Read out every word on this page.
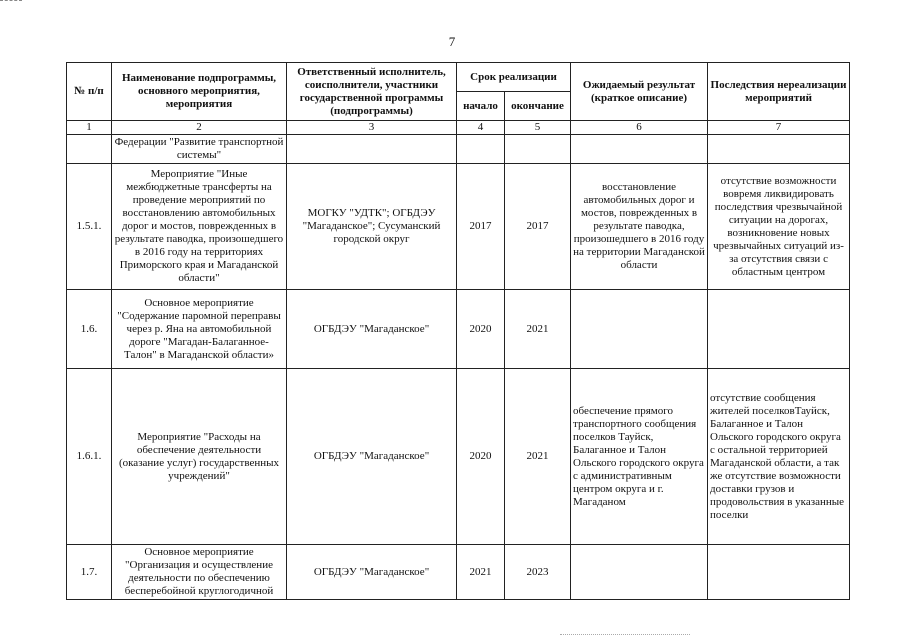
7
№ п/п	Наименование подпрограммы, основного мероприятия, мероприятия	Ответственный исполнитель, соисполнители, участники государственной программы (подпрограммы)	Срок реализации		Ожидаемый результат (краткое описание)	Последствия нереализации мероприятий
			начало	окончание		
1	2	3	4	5	6	7
	Федерации "Развитие транспортной системы"					
1.5.1.	Мероприятие "Иные межбюджетные трансферты на проведение мероприятий по восстановлению автомобильных дорог и мостов, поврежденных в результате паводка, произошедшего в 2016 году на территориях Приморского края и Магаданской области"	МОГКУ "УДТК"; ОГБДЭУ "Магаданское"; Сусуманский городской округ	2017	2017	восстановление автомобильных дорог и мостов, поврежденных в результате паводка, произошедшего в 2016 году на территории Магаданской области	отсутствие возможности вовремя ликвидировать последствия чрезвычайной ситуации на дорогах, возникновение новых чрезвычайных ситуаций из-за отсутствия связи с областным центром
1.6.	Основное мероприятие "Содержание паромной переправы через р. Яна на автомобильной дороге "Магадан-Балаганное-Талон" в Магаданской области»	ОГБДЭУ "Магаданское"	2020	2021		
1.6.1.	Мероприятие "Расходы на обеспечение деятельности (оказание услуг) государственных учреждений"	ОГБДЭУ "Магаданское"	2020	2021	обеспечение прямого транспортного сообщения поселков Тауйск, Балаганное и Талон Ольского городского округа с административным центром округа и г. Магаданом	отсутствие сообщения жителей поселковТауйск, Балаганное и Талон Ольского городского округа с остальной территорией Магаданской области, а так же отсутствие возможности доставки грузов и продовольствия в указанные поселки
1.7.	Основное мероприятие "Организация и осуществление деятельности по обеспечению бесперебойной круглогодичной	ОГБДЭУ "Магаданское"	2021	2023		
